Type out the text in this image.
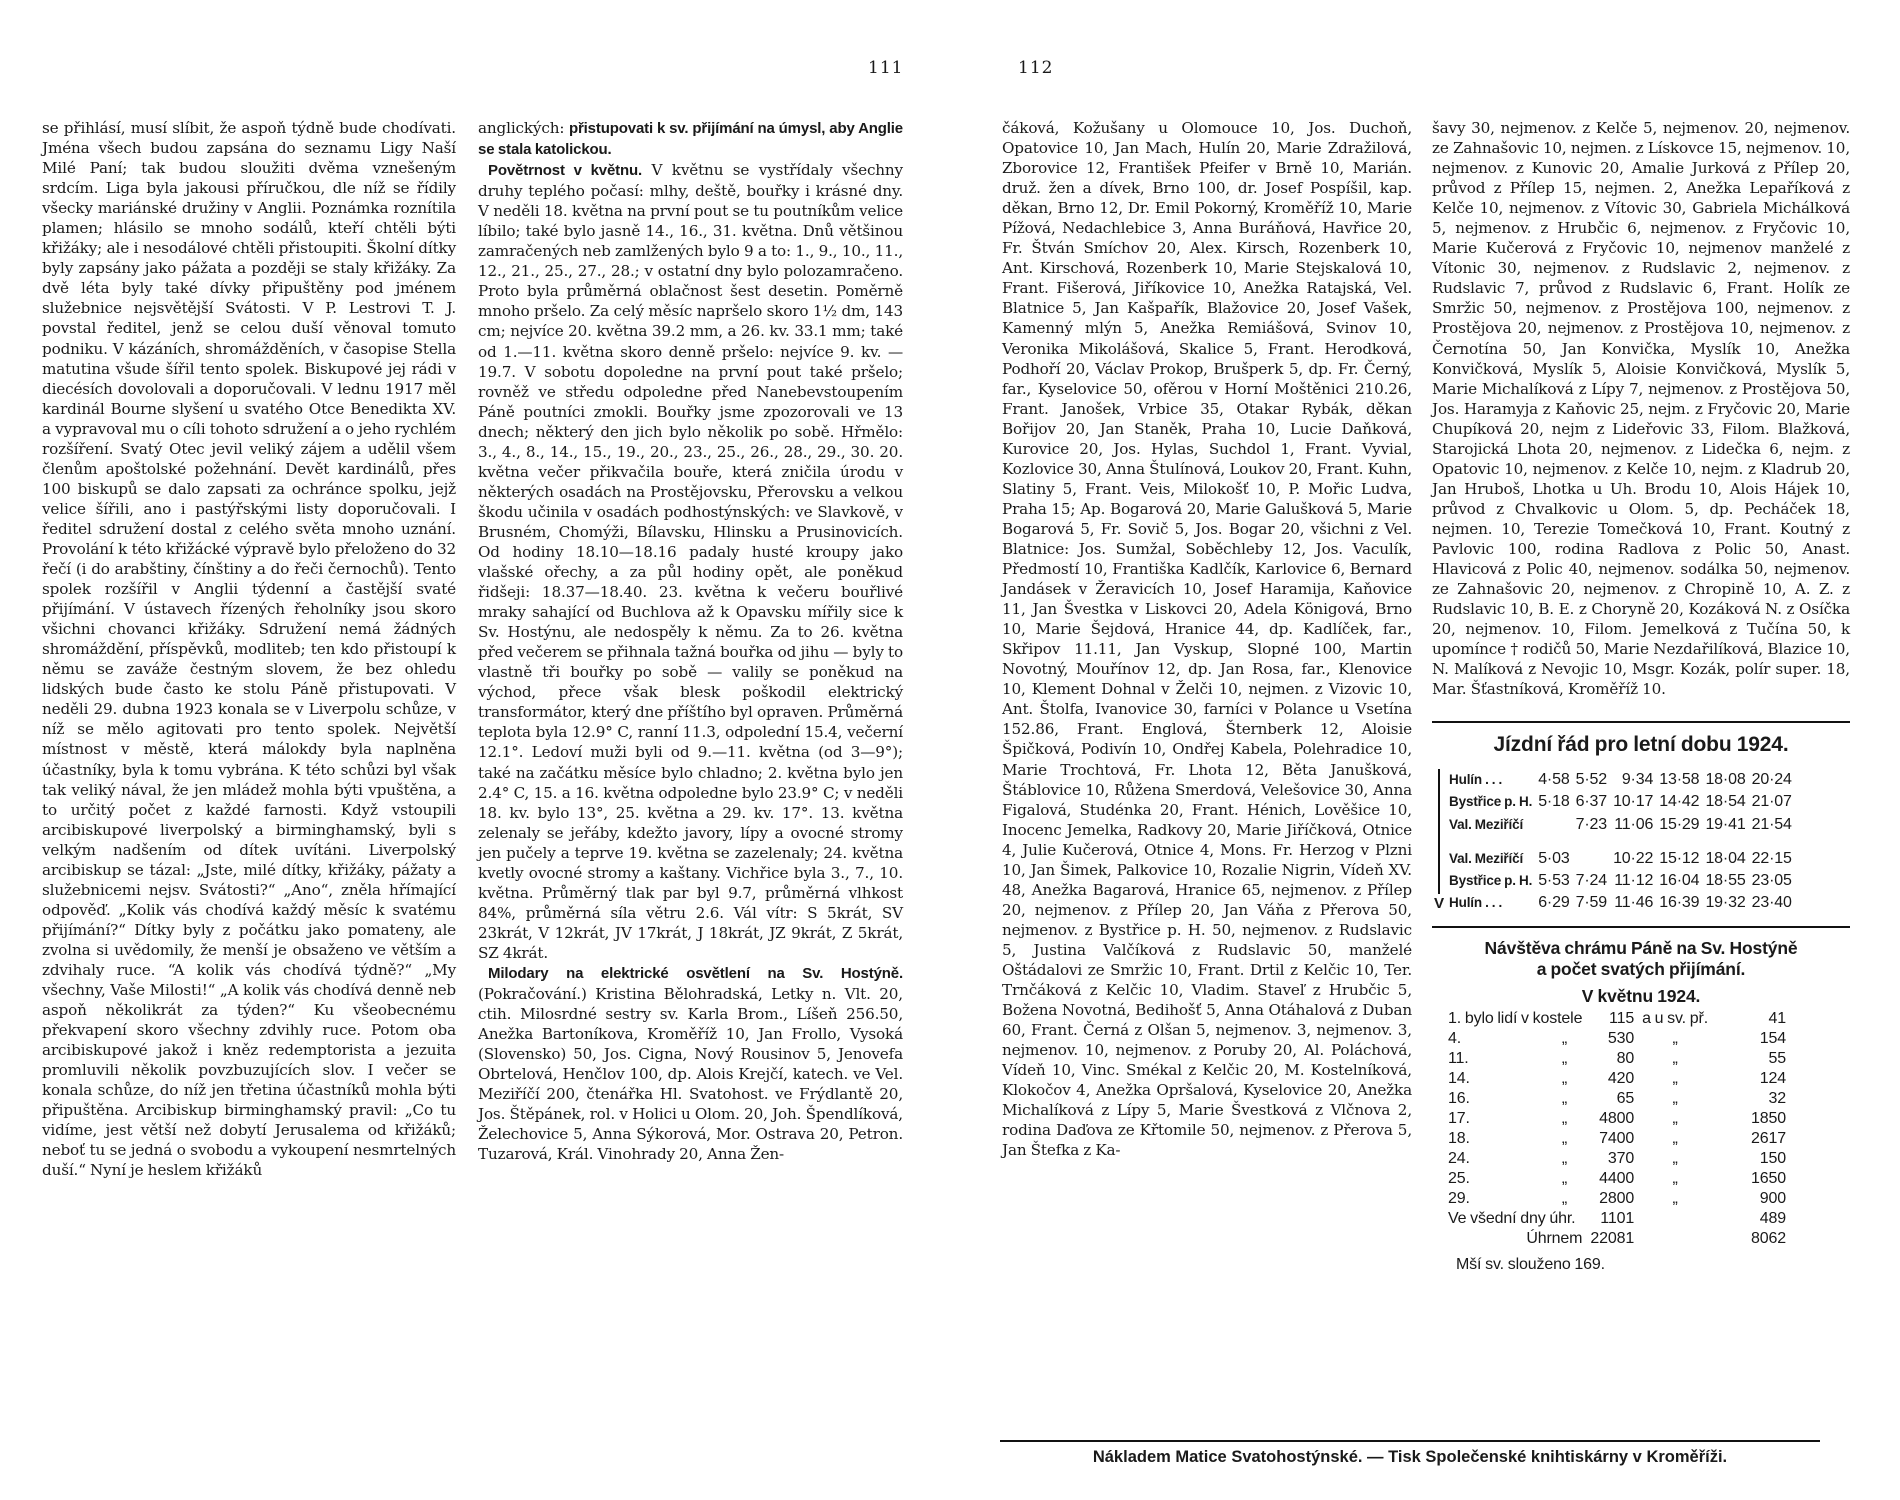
111	112

se přihlásí, musí slíbit, že aspoň týdně bude chodívati. Jména všech budou zapsána do seznamu Ligy Naší Milé Paní; tak budou sloužiti dvěma vznešeným srdcím. Liga byla jakousi příručkou, dle níž se řídily všecky mariánské družiny v Anglii. Poznámka roznítila plamen; hlásilo se mnoho sodálů, kteří chtěli býti křižáky; ale i nesodálové chtěli přistoupiti. Školní dítky byly zapsány jako pážata a později se staly křižáky. Za dvě léta byly také dívky připuštěny pod jménem služebnice nejsvětější Svátosti. V P. Lestrovi T. J. povstal ředitel, jenž se celou duší věnoval tomuto podniku. V kázáních, shromážděních, v časopise Stella matutina všude šířil tento spolek. Biskupové jej rádi v diecésích dovolovali a doporučovali. V lednu 1917 měl kardinál Bourne slyšení u svatého Otce Benedikta XV. a vypravoval mu o cíli tohoto sdružení a o jeho rychlém rozšíření. Svatý Otec jevil veliký zájem a udělil všem členům apoštolské požehnání. Devět kardinálů, přes 100 biskupů se dalo zapsati za ochránce spolku, jejž velice šířili, ano i pastýřskými listy doporučovali. I ředitel sdružení dostal z celého světa mnoho uznání. Provolání k této křižácké výpravě bylo přeloženo do 32 řečí (i do arabštiny, čínštiny a do řeči černochů). Tento spolek rozšířil v Anglii týdenní a častější svaté přijímání. V ústavech řízených řeholníky jsou skoro všichni chovanci křižáky. Sdružení nemá žádných shromáždění, příspěvků, modliteb; ten kdo přistoupí k němu se zaváže čestným slovem, že bez ohledu lidských bude často ke stolu Páně přistupovati. V neděli 29. dubna 1923 konala se v Liverpolu schůze, v níž se mělo agitovati pro tento spolek. Největší místnost v městě, která málokdy byla naplněna účastníky, byla k tomu vybrána. K této schůzi byl však tak veliký nával, že jen mládež mohla býti vpuštěna, a to určitý počet z každé farnosti. Když vstoupili arcibiskupové liverpolský a birminghamský, byli s velkým nadšením od dítek uvítáni. Liverpolský arcibiskup se tázal: „Jste, milé dítky, křižáky, pážaty a služebnicemi nejsv. Svátosti?“ „Ano“, zněla hřímající odpověď. „Kolik vás chodívá každý měsíc k svatému přijímání?“ Dítky byly z počátku jako pomateny, ale zvolna si uvědomily, že menší je obsaženo ve větším a zdvihaly ruce. “A kolik vás chodívá týdně?“ „My všechny, Vaše Milosti!“ „A kolik vás chodívá denně neb aspoň několikrát za týden?“ Ku všeobecnému překvapení skoro všechny zdvihly ruce. Potom oba arcibiskupové jakož i kněz redemptorista a jezuita promluvili několik povzbuzujících slov. I večer se konala schůze, do níž jen třetina účastníků mohla býti připuštěna. Arcibiskup birminghamský pravil: „Co tu vidíme, jest větší než dobytí Jerusalema od křižáků; neboť tu se jedná o svobodu a vykoupení nesmrtelných duší.“ Nyní je heslem křižáků

anglických: přistupovati k sv. přijímání na úmysl, aby Anglie se stala katolickou.

Povětrnost v květnu. V květnu se vystřídaly všechny druhy teplého počasí: mlhy, deště, bouřky i krásné dny. V neděli 18. května na první pout se tu poutníkům velice líbilo; také bylo jasně 14., 16., 31. května. Dnů většinou zamračených neb zamlžených bylo 9 a to: 1., 9., 10., 11., 12., 21., 25., 27., 28.; v ostatní dny bylo polozamračeno. Proto byla průměrná oblačnost šest desetin. Poměrně mnoho pršelo. Za celý měsíc napršelo skoro 1½ dm, 143 cm; nejvíce 20. května 39.2 mm, a 26. kv. 33.1 mm; také od 1.—11. května skoro denně pršelo: nejvíce 9. kv. — 19.7. V sobotu dopoledne na první pout také pršelo; rovněž ve středu odpoledne před Nanebevstoupením Páně poutníci zmokli. Bouřky jsme zpozorovali ve 13 dnech; některý den jich bylo několik po sobě. Hřmělo: 3., 4., 8., 14., 15., 19., 20., 23., 25., 26., 28., 29., 30. 20. května večer přikvačila bouře, která zničila úrodu v některých osadách na Prostějovsku, Přerovsku a velkou škodu učinila v osadách podhostýnských: ve Slavkově, v Brusném, Chomýži, Bílavsku, Hlinsku a Prusinovicích. Od hodiny 18.10—18.16 padaly husté kroupy jako vlašské ořechy, a za půl hodiny opět, ale poněkud řidšeji: 18.37—18.40. 23. května k večeru bouřlivé mraky sahající od Buchlova až k Opavsku mířily sice k Sv. Hostýnu, ale nedospěly k němu. Za to 26. května před večerem se přihnala tažná bouřka od jihu — byly to vlastně tři bouřky po sobě — valily se poněkud na východ, přece však blesk poškodil elektrický transformátor, který dne příštího byl opraven. Průměrná teplota byla 12.9° C, ranní 11.3, odpolední 15.4, večerní 12.1°. Ledoví muži byli od 9.—11. května (od 3—9°); také na začátku měsíce bylo chladno; 2. května bylo jen 2.4° C, 15. a 16. května odpoledne bylo 23.9° C; v neděli 18. kv. bylo 13°, 25. května a 29. kv. 17°. 13. května zelenaly se jeřáby, kdežto javory, lípy a ovocné stromy jen pučely a teprve 19. května se zazelenaly; 24. května kvetly ovocné stromy a kaštany. Vichřice byla 3., 7., 10. května. Průměrný tlak par byl 9.7, průměrná vlhkost 84%, průměrná síla větru 2.6. Vál vítr: S 5krát, SV 23krát, V 12krát, JV 17krát, J 18krát, JZ 9krát, Z 5krát, SZ 4krát.

Milodary na elektrické osvětlení na Sv. Hostýně. (Pokračování.) Kristina Bělohradská, Letky n. Vlt. 20, ctih. Milosrdné sestry sv. Karla Brom., Líšeň 256.50, Anežka Bartoníkova, Kroměříž 10, Jan Frollo, Vysoká (Slovensko) 50, Jos. Cigna, Nový Rousinov 5, Jenovefa Obrtelová, Henčlov 100, dp. Alois Krejčí, katech. ve Vel. Meziříčí 200, čtenářka Hl. Svatohost. ve Frýdlantě 20, Jos. Štěpánek, rol. v Holici u Olom. 20, Joh. Špendlíková, Želechovice 5, Anna Sýkorová, Mor. Ostrava 20, Petron. Tuzarová, Král. Vinohrady 20, Anna Žen-

čáková, Kožušany u Olomouce 10, Jos. Duchoň, Opatovice 10, Jan Mach, Hulín 20, Marie Zdražilová, Zborovice 12, František Pfeifer v Brně 10, Marián. druž. žen a dívek, Brno 100, dr. Josef Pospíšil, kap. děkan, Brno 12, Dr. Emil Pokorný, Kroměříž 10, Marie Pížová, Nedachlebice 3, Anna Buráňová, Havřice 20, Fr. Štván Smíchov 20, Alex. Kirsch, Rozenberk 10, Ant. Kirschová, Rozenberk 10, Marie Stejskalová 10, Frant. Fišerová, Jiříkovice 10, Anežka Ratajská, Vel. Blatnice 5, Jan Kašpařík, Blažovice 20, Josef Vašek, Kamenný mlýn 5, Anežka Remiášová, Svinov 10, Veronika Mikolášová, Skalice 5, Frant. Herodková, Podhoří 20, Václav Prokop, Brušperk 5, dp. Fr. Černý, far., Kyselovice 50, ofěrou v Horní Moštěnici 210.26, Frant. Janošek, Vrbice 35, Otakar Rybák, děkan Bořijov 20, Jan Staněk, Praha 10, Lucie Daňková, Kurovice 20, Jos. Hylas, Suchdol 1, Frant. Vyvial, Kozlovice 30, Anna Štulínová, Loukov 20, Frant. Kuhn, Slatiny 5, Frant. Veis, Milokošť 10, P. Mořic Ludva, Praha 15; Ap. Bogarová 20, Marie Galušková 5, Marie Bogarová 5, Fr. Sovič 5, Jos. Bogar 20, všichni z Vel. Blatnice: Jos. Sumžal, Soběchleby 12, Jos. Vaculík, Předmostí 10, Františka Kadlčík, Karlovice 6, Bernard Jandásek v Žeravicích 10, Josef Haramija, Kaňovice 11, Jan Švestka v Liskovci 20, Adela Königová, Brno 10, Marie Šejdová, Hranice 44, dp. Kadlíček, far., Skřipov 11.11, Jan Vyskup, Slopné 100, Martin Novotný, Mouřínov 12, dp. Jan Rosa, far., Klenovice 10, Klement Dohnal v Želči 10, nejmen. z Vizovic 10, Ant. Štolfa, Ivanovice 30, farníci v Polance u Vsetína 152.86, Frant. Englová, Šternberk 12, Aloisie Špičková, Podivín 10, Ondřej Kabela, Polehradice 10, Marie Trochtová, Fr. Lhota 12, Běta Janušková, Štáblovice 10, Růžena Smerdová, Velešovice 30, Anna Figalová, Studénka 20, Frant. Hénich, Lověšice 10, Inocenc Jemelka, Radkovy 20, Marie Jiříčková, Otnice 4, Julie Kučerová, Otnice 4, Mons. Fr. Herzog v Plzni 10, Jan Šimek, Palkovice 10, Rozalie Nigrin, Vídeň XV. 48, Anežka Bagarová, Hranice 65, nejmenov. z Přílep 20, nejmenov. z Přílep 20, Jan Váňa z Přerova 50, nejmenov. z Bystřice p. H. 50, nejmenov. z Rudslavic 5, Justina Valčíková z Rudslavic 50, manželé Oštádalovi ze Smržic 10, Frant. Drtil z Kelčic 10, Ter. Trnčáková z Kelčic 10, Vladim. Staveľ z Hrubčic 5, Božena Novotná, Bedihošť 5, Anna Otáhalová z Duban 60, Frant. Černá z Olšan 5, nejmenov. 3, nejmenov. 3, nejmenov. 10, nejmenov. z Poruby 20, Al. Poláchová, Vídeň 10, Vinc. Smékal z Kelčic 20, M. Kostelníková, Klokočov 4, Anežka Opršalová, Kyselovice 20, Anežka Michalíková z Lípy 5, Marie Švestková z Vlčnova 2, rodina Daďova ze Křtomile 50, nejmenov. z Přerova 5, Jan Štefka z Ka-

šavy 30, nejmenov. z Kelče 5, nejmenov. 20, nejmenov. ze Zahnašovic 10, nejmen. z Lískovce 15, nejmenov. 10, nejmenov. z Kunovic 20, Amalie Jurková z Přílep 20, průvod z Přílep 15, nejmen. 2, Anežka Lepaříková z Kelče 10, nejmenov. z Vítovic 30, Gabriela Michálková 5, nejmenov. z Hrubčic 6, nejmenov. z Fryčovic 10, Marie Kučerová z Fryčovic 10, nejmenov manželé z Vítonic 30, nejmenov. z Rudslavic 2, nejmenov. z Rudslavic 7, průvod z Rudslavic 6, Frant. Holík ze Smržic 50, nejmenov. z Prostějova 100, nejmenov. z Prostějova 20, nejmenov. z Prostějova 10, nejmenov. z Černotína 50, Jan Konvička, Myslík 10, Anežka Konvičková, Myslík 5, Aloisie Konvičková, Myslík 5, Marie Michalíková z Lípy 7, nejmenov. z Prostějova 50, Jos. Haramyja z Kaňovic 25, nejm. z Fryčovic 20, Marie Chupíková 20, nejm z Lideřovic 33, Filom. Blažková, Starojická Lhota 20, nejmenov. z Lidečka 6, nejm. z Opatovic 10, nejmenov. z Kelče 10, nejm. z Kladrub 20, Jan Hruboš, Lhotka u Uh. Brodu 10, Alois Hájek 10, průvod z Chvalkovic u Olom. 5, dp. Pecháček 18, nejmen. 10, Terezie Tomečková 10, Frant. Koutný z Pavlovic 100, rodina Radlova z Polic 50, Anast. Hlavicová z Polic 40, nejmenov. sodálka 50, nejmenov. ze Zahnašovic 20, nejmenov. z Chropině 10, A. Z. z Rudslavic 10, B. E. z Choryně 20, Kozáková N. z Osíčka 20, nejmenov. 10, Filom. Jemelková z Tučína 50, k upomínce † rodičů 50, Marie Nezdařilíková, Blazice 10, N. Malíková z Nevojic 10, Msgr. Kozák, polír super. 18, Mar. Šťastníková, Kroměříž 10.

Jízdní řád pro letní dobu 1924.
V
Hulín . . .	4·58	5·52	9·34	13·58	18·08	20·24
Bystřice p. H.	5·18	6·37	10·17	14·42	18·54	21·07
Val. Meziříčí		7·23	11·06	15·29	19·41	21·54

Val. Meziříčí	5·03		10·22	15·12	18·04	22·15
Bystřice p. H.	5·53	7·24	11·12	16·04	18·55	23·05
Hulín . . .	6·29	7·59	11·46	16·39	19·32	23·40
Návštěva chrámu Páně na Sv. Hostýně
a počet svatých přijímání.
V květnu 1924.
1. bylo lidí v kostele		115	a u sv. př.	41
4.	„	530	„	154
11.	„	80	„	55
14.	„	420	„	124
16.	„	65	„	32
17.	„	4800	„	1850
18.	„	7400	„	2617
24.	„	370	„	150
25.	„	4400	„	1650
29.	„	2800	„	900
Ve všední dny úhr.		1101		489
Úhrnem		22081		8062
Mší sv. slouženo 169.
Nákladem Matice Svatohostýnské. — Tisk Společenské knihtiskárny v Kroměříži.
